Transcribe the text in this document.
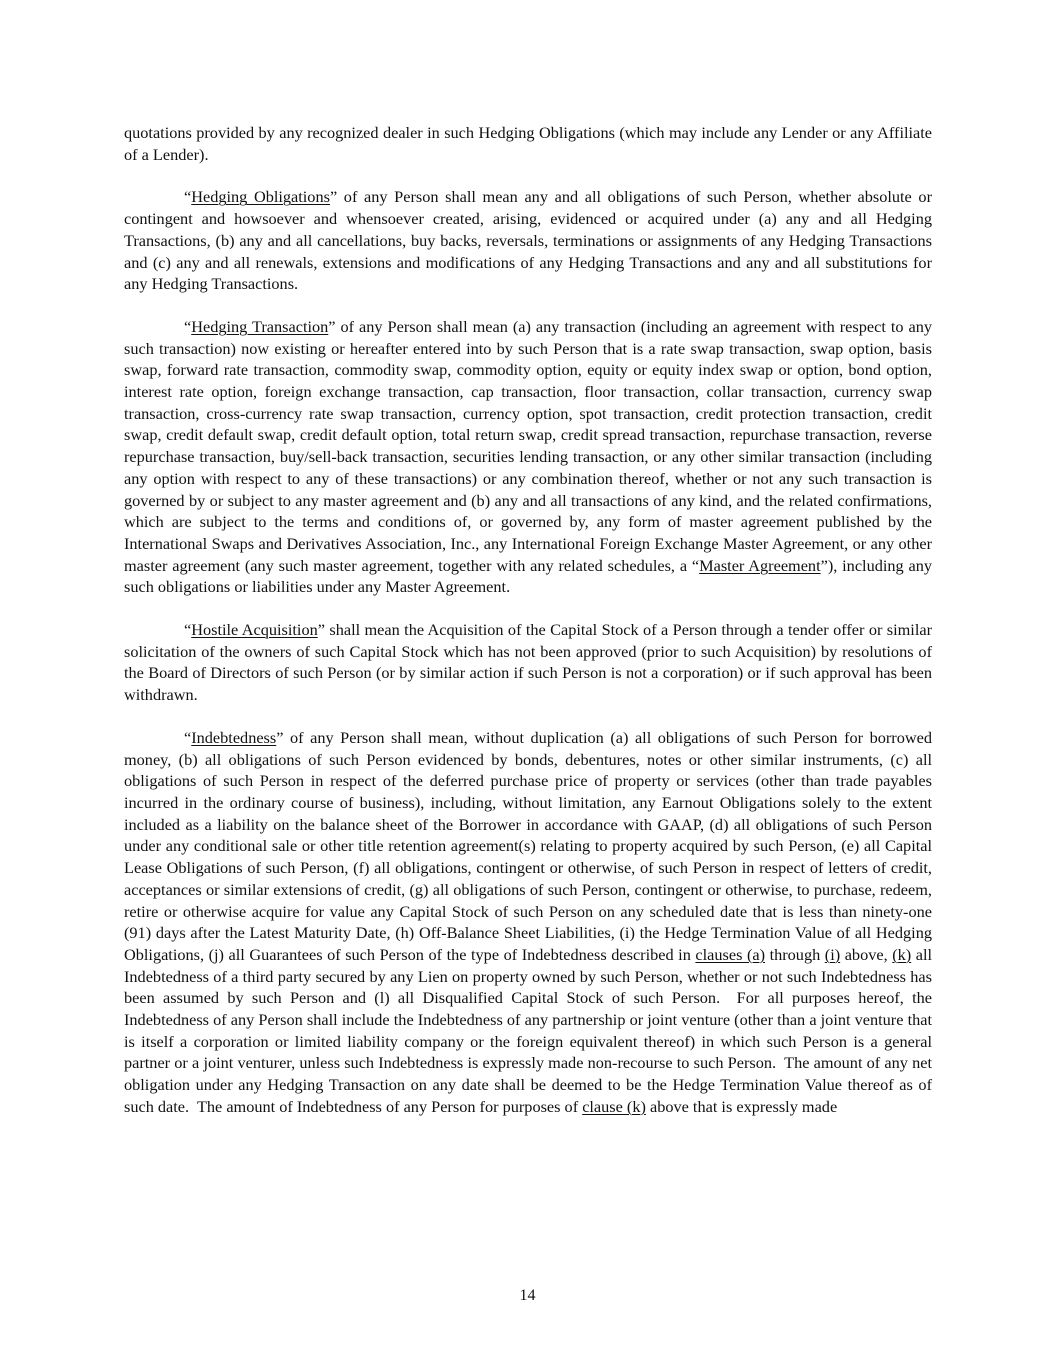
quotations provided by any recognized dealer in such Hedging Obligations (which may include any Lender or any Affiliate of a Lender).

“Hedging Obligations” of any Person shall mean any and all obligations of such Person, whether absolute or contingent and howsoever and whensoever created, arising, evidenced or acquired under (a) any and all Hedging Transactions, (b) any and all cancellations, buy backs, reversals, terminations or assignments of any Hedging Transactions and (c) any and all renewals, extensions and modifications of any Hedging Transactions and any and all substitutions for any Hedging Transactions.

“Hedging Transaction” of any Person shall mean (a) any transaction (including an agreement with respect to any such transaction) now existing or hereafter entered into by such Person that is a rate swap transaction, swap option, basis swap, forward rate transaction, commodity swap, commodity option, equity or equity index swap or option, bond option, interest rate option, foreign exchange transaction, cap transaction, floor transaction, collar transaction, currency swap transaction, cross-currency rate swap transaction, currency option, spot transaction, credit protection transaction, credit swap, credit default swap, credit default option, total return swap, credit spread transaction, repurchase transaction, reverse repurchase transaction, buy/sell-back transaction, securities lending transaction, or any other similar transaction (including any option with respect to any of these transactions) or any combination thereof, whether or not any such transaction is governed by or subject to any master agreement and (b) any and all transactions of any kind, and the related confirmations, which are subject to the terms and conditions of, or governed by, any form of master agreement published by the International Swaps and Derivatives Association, Inc., any International Foreign Exchange Master Agreement, or any other master agreement (any such master agreement, together with any related schedules, a “Master Agreement”), including any such obligations or liabilities under any Master Agreement.

“Hostile Acquisition” shall mean the Acquisition of the Capital Stock of a Person through a tender offer or similar solicitation of the owners of such Capital Stock which has not been approved (prior to such Acquisition) by resolutions of the Board of Directors of such Person (or by similar action if such Person is not a corporation) or if such approval has been withdrawn.

“Indebtedness” of any Person shall mean, without duplication (a) all obligations of such Person for borrowed money, (b) all obligations of such Person evidenced by bonds, debentures, notes or other similar instruments, (c) all obligations of such Person in respect of the deferred purchase price of property or services (other than trade payables incurred in the ordinary course of business), including, without limitation, any Earnout Obligations solely to the extent included as a liability on the balance sheet of the Borrower in accordance with GAAP, (d) all obligations of such Person under any conditional sale or other title retention agreement(s) relating to property acquired by such Person, (e) all Capital Lease Obligations of such Person, (f) all obligations, contingent or otherwise, of such Person in respect of letters of credit, acceptances or similar extensions of credit, (g) all obligations of such Person, contingent or otherwise, to purchase, redeem, retire or otherwise acquire for value any Capital Stock of such Person on any scheduled date that is less than ninety-one (91) days after the Latest Maturity Date, (h) Off-Balance Sheet Liabilities, (i) the Hedge Termination Value of all Hedging Obligations, (j) all Guarantees of such Person of the type of Indebtedness described in clauses (a) through (i) above, (k) all Indebtedness of a third party secured by any Lien on property owned by such Person, whether or not such Indebtedness has been assumed by such Person and (l) all Disqualified Capital Stock of such Person.  For all purposes hereof, the Indebtedness of any Person shall include the Indebtedness of any partnership or joint venture (other than a joint venture that is itself a corporation or limited liability company or the foreign equivalent thereof) in which such Person is a general partner or a joint venturer, unless such Indebtedness is expressly made non-recourse to such Person.  The amount of any net obligation under any Hedging Transaction on any date shall be deemed to be the Hedge Termination Value thereof as of such date.  The amount of Indebtedness of any Person for purposes of clause (k) above that is expressly made

14
